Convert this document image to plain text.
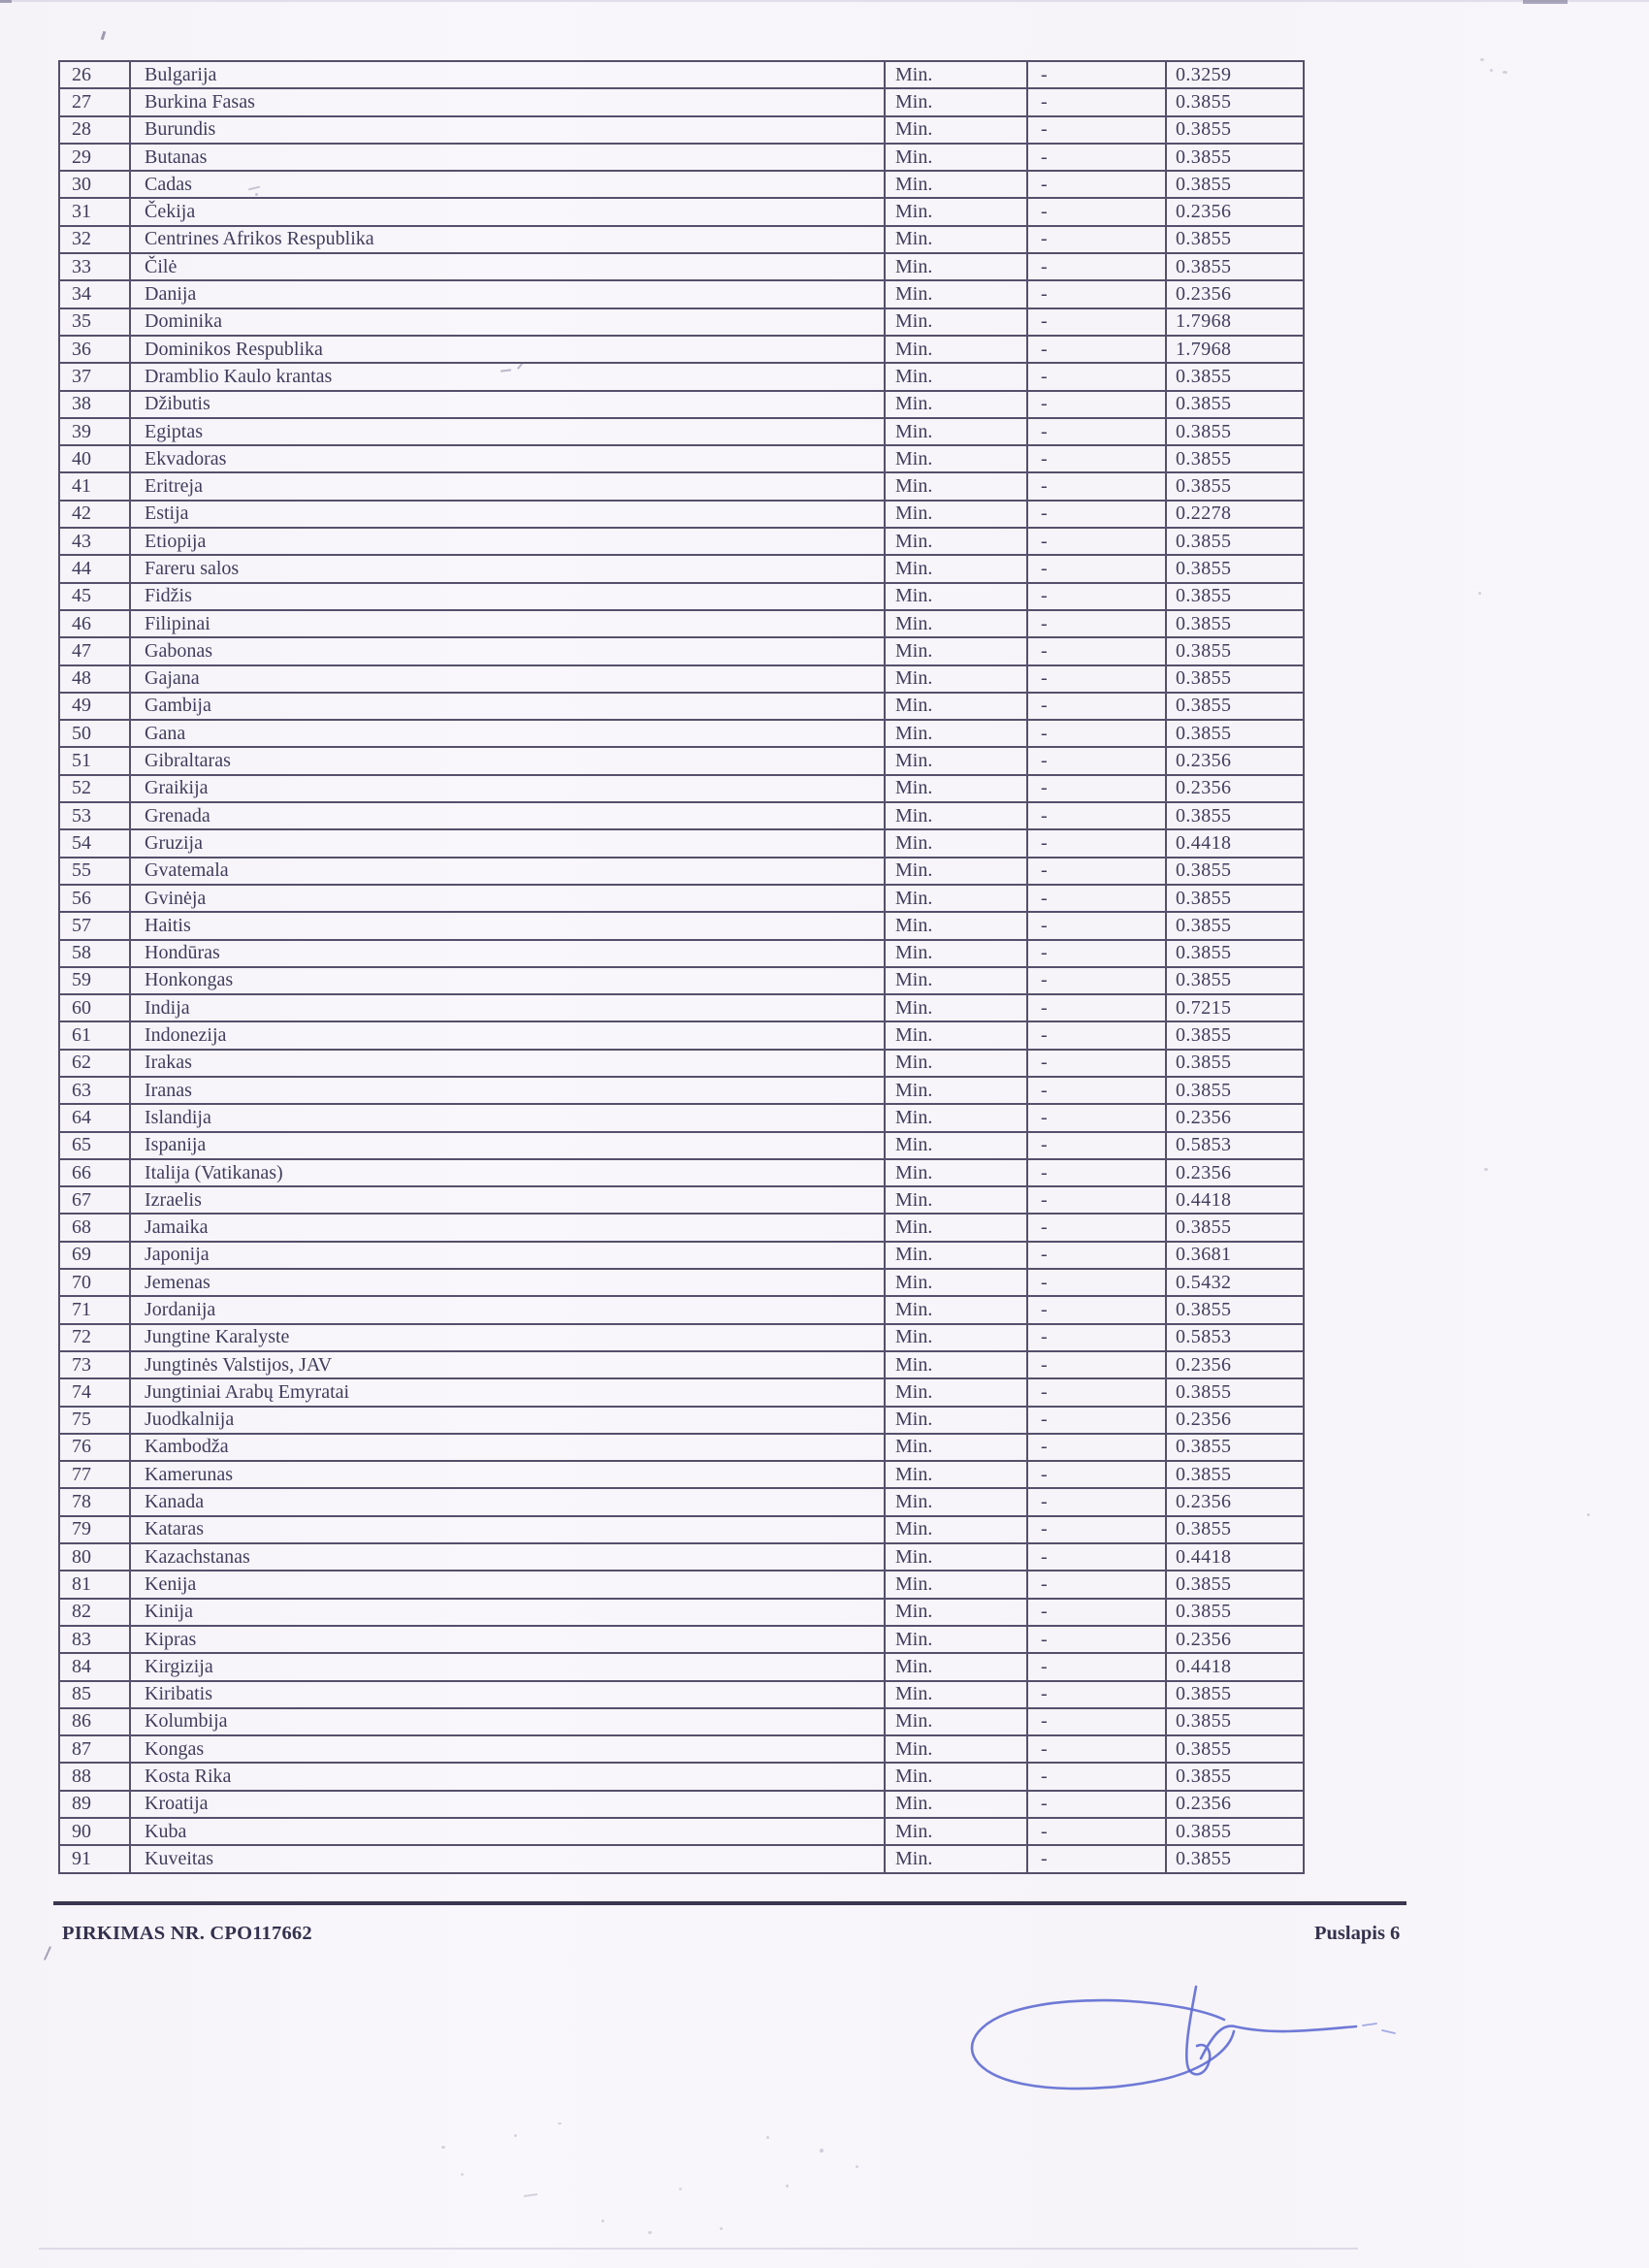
26	Bulgarija	Min.	-	0.3259
27	Burkina Fasas	Min.	-	0.3855
28	Burundis	Min.	-	0.3855
29	Butanas	Min.	-	0.3855
30	Cadas	Min.	-	0.3855
31	Čekija	Min.	-	0.2356
32	Centrines Afrikos Respublika	Min.	-	0.3855
33	Čilė	Min.	-	0.3855
34	Danija	Min.	-	0.2356
35	Dominika	Min.	-	1.7968
36	Dominikos Respublika	Min.	-	1.7968
37	Dramblio Kaulo krantas	Min.	-	0.3855
38	Džibutis	Min.	-	0.3855
39	Egiptas	Min.	-	0.3855
40	Ekvadoras	Min.	-	0.3855
41	Eritreja	Min.	-	0.3855
42	Estija	Min.	-	0.2278
43	Etiopija	Min.	-	0.3855
44	Fareru salos	Min.	-	0.3855
45	Fidžis	Min.	-	0.3855
46	Filipinai	Min.	-	0.3855
47	Gabonas	Min.	-	0.3855
48	Gajana	Min.	-	0.3855
49	Gambija	Min.	-	0.3855
50	Gana	Min.	-	0.3855
51	Gibraltaras	Min.	-	0.2356
52	Graikija	Min.	-	0.2356
53	Grenada	Min.	-	0.3855
54	Gruzija	Min.	-	0.4418
55	Gvatemala	Min.	-	0.3855
56	Gvinėja	Min.	-	0.3855
57	Haitis	Min.	-	0.3855
58	Hondūras	Min.	-	0.3855
59	Honkongas	Min.	-	0.3855
60	Indija	Min.	-	0.7215
61	Indonezija	Min.	-	0.3855
62	Irakas	Min.	-	0.3855
63	Iranas	Min.	-	0.3855
64	Islandija	Min.	-	0.2356
65	Ispanija	Min.	-	0.5853
66	Italija (Vatikanas)	Min.	-	0.2356
67	Izraelis	Min.	-	0.4418
68	Jamaika	Min.	-	0.3855
69	Japonija	Min.	-	0.3681
70	Jemenas	Min.	-	0.5432
71	Jordanija	Min.	-	0.3855
72	Jungtine Karalyste	Min.	-	0.5853
73	Jungtinės Valstijos, JAV	Min.	-	0.2356
74	Jungtiniai Arabų Emyratai	Min.	-	0.3855
75	Juodkalnija	Min.	-	0.2356
76	Kambodža	Min.	-	0.3855
77	Kamerunas	Min.	-	0.3855
78	Kanada	Min.	-	0.2356
79	Kataras	Min.	-	0.3855
80	Kazachstanas	Min.	-	0.4418
81	Kenija	Min.	-	0.3855
82	Kinija	Min.	-	0.3855
83	Kipras	Min.	-	0.2356
84	Kirgizija	Min.	-	0.4418
85	Kiribatis	Min.	-	0.3855
86	Kolumbija	Min.	-	0.3855
87	Kongas	Min.	-	0.3855
88	Kosta Rika	Min.	-	0.3855
89	Kroatija	Min.	-	0.2356
90	Kuba	Min.	-	0.3855
91	Kuveitas	Min.	-	0.3855
PIRKIMAS NR. CPO117662	Puslapis 6
